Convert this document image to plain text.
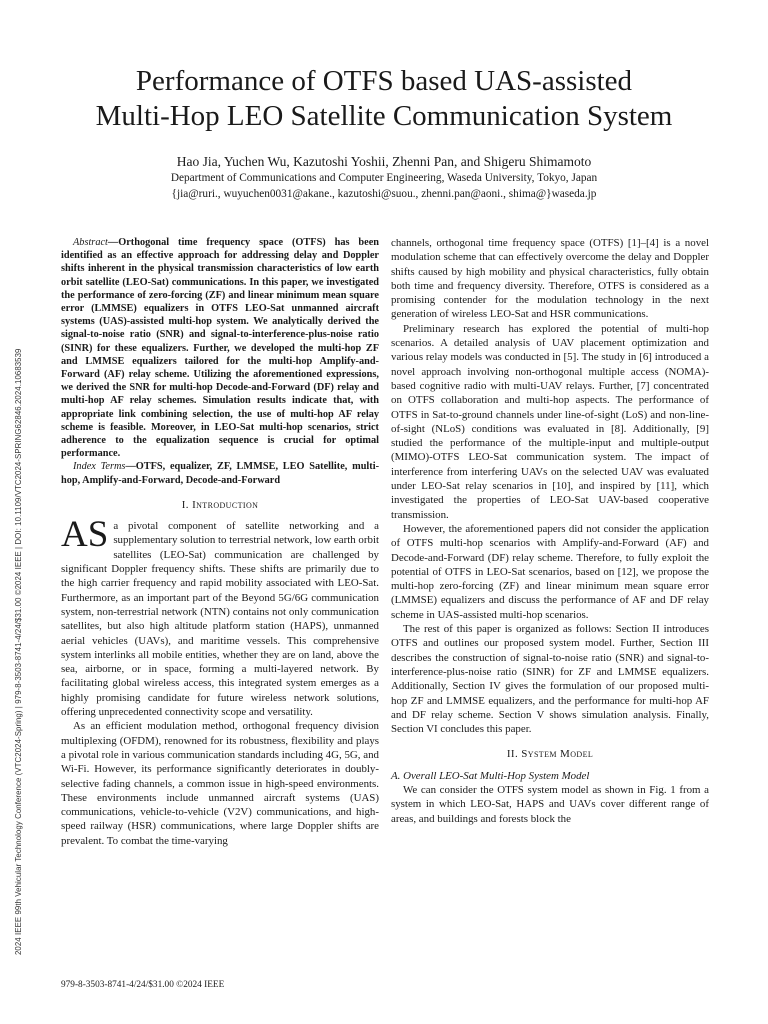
2024 IEEE 99th Vehicular Technology Conference (VTC2024-Spring) | 979-8-3503-8741-4/24/$31.00 ©2024 IEEE | DOI: 10.1109/VTC2024-SPRING62846.2024.10683539
Performance of OTFS based UAS-assisted
Multi-Hop LEO Satellite Communication System
Hao Jia, Yuchen Wu, Kazutoshi Yoshii, Zhenni Pan, and Shigeru Shimamoto
Department of Communications and Computer Engineering, Waseda University, Tokyo, Japan
{jia@ruri., wuyuchen0031@akane., kazutoshi@suou., zhenni.pan@aoni., shima@}waseda.jp

Abstract—Orthogonal time frequency space (OTFS) has been identified as an effective approach for addressing delay and Doppler shifts inherent in the physical transmission characteristics of low earth orbit satellite (LEO-Sat) communications. In this paper, we investigated the performance of zero-forcing (ZF) and linear minimum mean square error (LMMSE) equalizers in OTFS LEO-Sat unmanned aircraft systems (UAS)-assisted multi-hop system. We analytically derived the signal-to-noise ratio (SNR) and signal-to-interference-plus-noise ratio (SINR) for these equalizers. Further, we developed the multi-hop ZF and LMMSE equalizers tailored for the multi-hop Amplify-and-Forward (AF) relay scheme. Utilizing the aforementioned expressions, we derived the SNR for multi-hop Decode-and-Forward (DF) relay and multi-hop AF relay schemes. Simulation results indicate that, with appropriate link combining selection, the use of multi-hop AF relay scheme is feasible. Moreover, in LEO-Sat multi-hop scenarios, strict adherence to the equalization sequence is crucial for optimal performance.

Index Terms—OTFS, equalizer, ZF, LMMSE, LEO Satellite, multi-hop, Amplify-and-Forward, Decode-and-Forward

I. Introduction

AS a pivotal component of satellite networking and a supplementary solution to terrestrial network, low earth orbit satellites (LEO-Sat) communication are challenged by significant Doppler frequency shifts. These shifts are primarily due to the high carrier frequency and rapid mobility associated with LEO-Sat. Furthermore, as an important part of the Beyond 5G/6G communication system, non-terrestrial network (NTN) contains not only communication satellites, but also high altitude platform station (HAPS), unmanned aerial vehicles (UAVs), and maritime vessels. This comprehensive system interlinks all mobile entities, whether they are on land, above the sea, airborne, or in space, forming a multi-layered network. By facilitating global wireless access, this integrated system emerges as a highly promising candidate for future wireless network solutions, offering unprecedented connectivity scope and versatility.

As an efficient modulation method, orthogonal frequency division multiplexing (OFDM), renowned for its robustness, flexibility and plays a pivotal role in various communication standards including 4G, 5G, and Wi-Fi. However, its performance significantly deteriorates in doubly-selective fading channels, a common issue in high-speed environments. These environments include unmanned aircraft systems (UAS) communications, vehicle-to-vehicle (V2V) communications, and high-speed railway (HSR) communications, where large Doppler shifts are prevalent. To combat the time-varying

channels, orthogonal time frequency space (OTFS) [1]–[4] is a novel modulation scheme that can effectively overcome the delay and Doppler shifts caused by high mobility and physical characteristics, fully obtain both time and frequency diversity. Therefore, OTFS is considered as a promising contender for the modulation technology in the next generation of wireless LEO-Sat and HSR communications.

Preliminary research has explored the potential of multi-hop scenarios. A detailed analysis of UAV placement optimization and various relay models was conducted in [5]. The study in [6] introduced a novel approach involving non-orthogonal multiple access (NOMA)-based cognitive radio with multi-UAV relays. Further, [7] concentrated on OTFS collaboration and multi-hop aspects. The performance of OTFS in Sat-to-ground channels under line-of-sight (LoS) and non-line-of-sight (NLoS) conditions was evaluated in [8]. Additionally, [9] studied the performance of the multiple-input and multiple-output (MIMO)-OTFS LEO-Sat communication system. The impact of interference from interfering UAVs on the selected UAV was evaluated under LEO-Sat relay scenarios in [10], and inspired by [11], which investigated the properties of LEO-Sat UAV-based cooperative transmission.

However, the aforementioned papers did not consider the application of OTFS multi-hop scenarios with Amplify-and-Forward (AF) and Decode-and-Forward (DF) relay scheme. Therefore, to fully exploit the potential of OTFS in LEO-Sat scenarios, based on [12], we propose the multi-hop zero-forcing (ZF) and linear minimum mean square error (LMMSE) equalizers and discuss the performance of AF and DF relay scheme in UAS-assisted multi-hop scenarios.

The rest of this paper is organized as follows: Section II introduces OTFS and outlines our proposed system model. Further, Section III describes the construction of signal-to-noise ratio (SNR) and signal-to-interference-plus-noise ratio (SINR) for ZF and LMMSE equalizers. Additionally, Section IV gives the formulation of our proposed multi-hop ZF and LMMSE equalizers, and the performance for multi-hop AF and DF relay scheme. Section V shows simulation analysis. Finally, Section VI concludes this paper.

II. System Model

A. Overall LEO-Sat Multi-Hop System Model

We can consider the OTFS system model as shown in Fig. 1 from a system in which LEO-Sat, HAPS and UAVs cover different range of areas, and buildings and forests block the

979-8-3503-8741-4/24/$31.00 ©2024 IEEE
